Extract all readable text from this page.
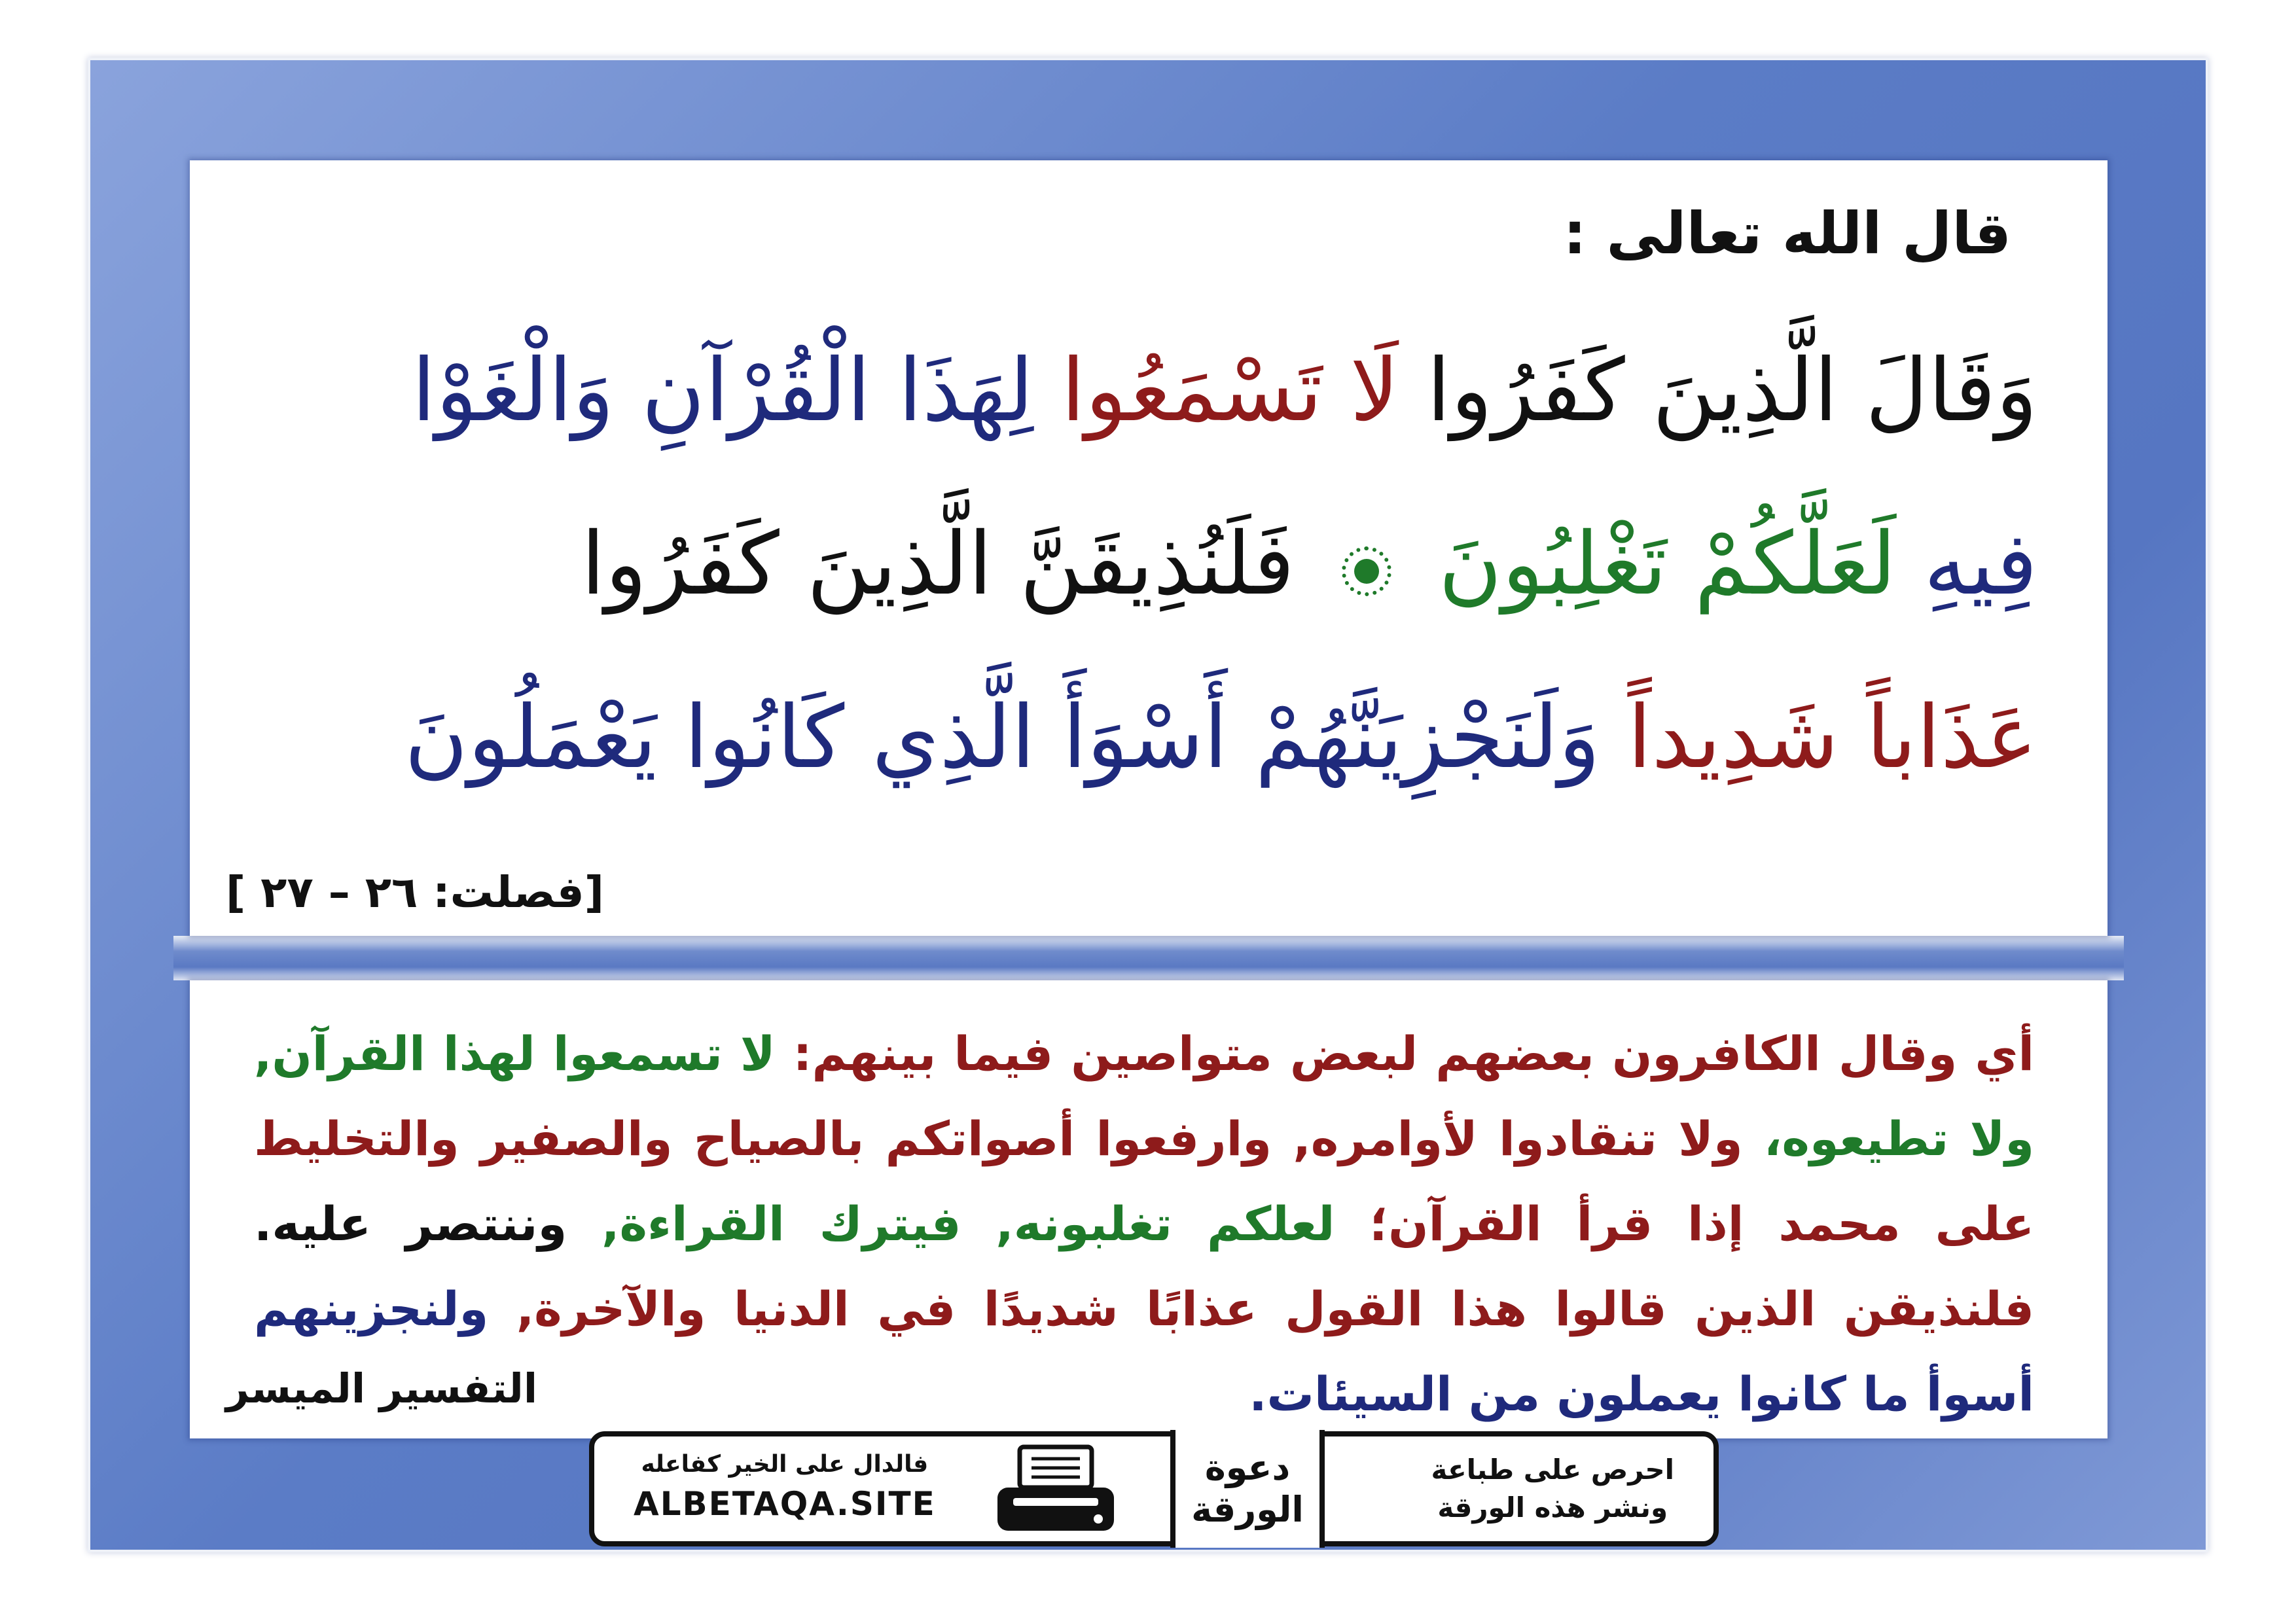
قال الله تعالى :
وَقَالَ الَّذِينَ كَفَرُوا لَا تَسْمَعُوا لِهَذَا الْقُرْآنِ وَالْغَوْا
فِيهِ لَعَلَّكُمْ تَغْلِبُونَ  فَلَنُذِيقَنَّ الَّذِينَ كَفَرُوا
عَذَاباً شَدِيداً وَلَنَجْزِيَنَّهُمْ أَسْوَأَ الَّذِي كَانُوا يَعْمَلُونَ
[فصلت: ٢٦ – ٢٧ ]
أي وقال الكافرون بعضهم لبعض متواصين فيما بينهم: لا تسمعوا لهذا القرآن, ولا تطيعوه، ولا تنقادوا لأوامره, وارفعوا أصواتكم بالصياح والصفير والتخليط على محمد إذا قرأ القرآن؛ لعلكم تغلبونه, فيترك القراءة, وننتصر عليه. فلنذيقن الذين قالوا هذا القول عذابًا شديدًا في الدنيا والآخرة, ولنجزينهم أسوأ ما كانوا يعملون من السيئات.
التفسير الميسر
احرص على طباعة
ونشر هذه الورقة
دعوة
الورقة
فالدال على الخير كفاعله
ALBETAQA.SITE
